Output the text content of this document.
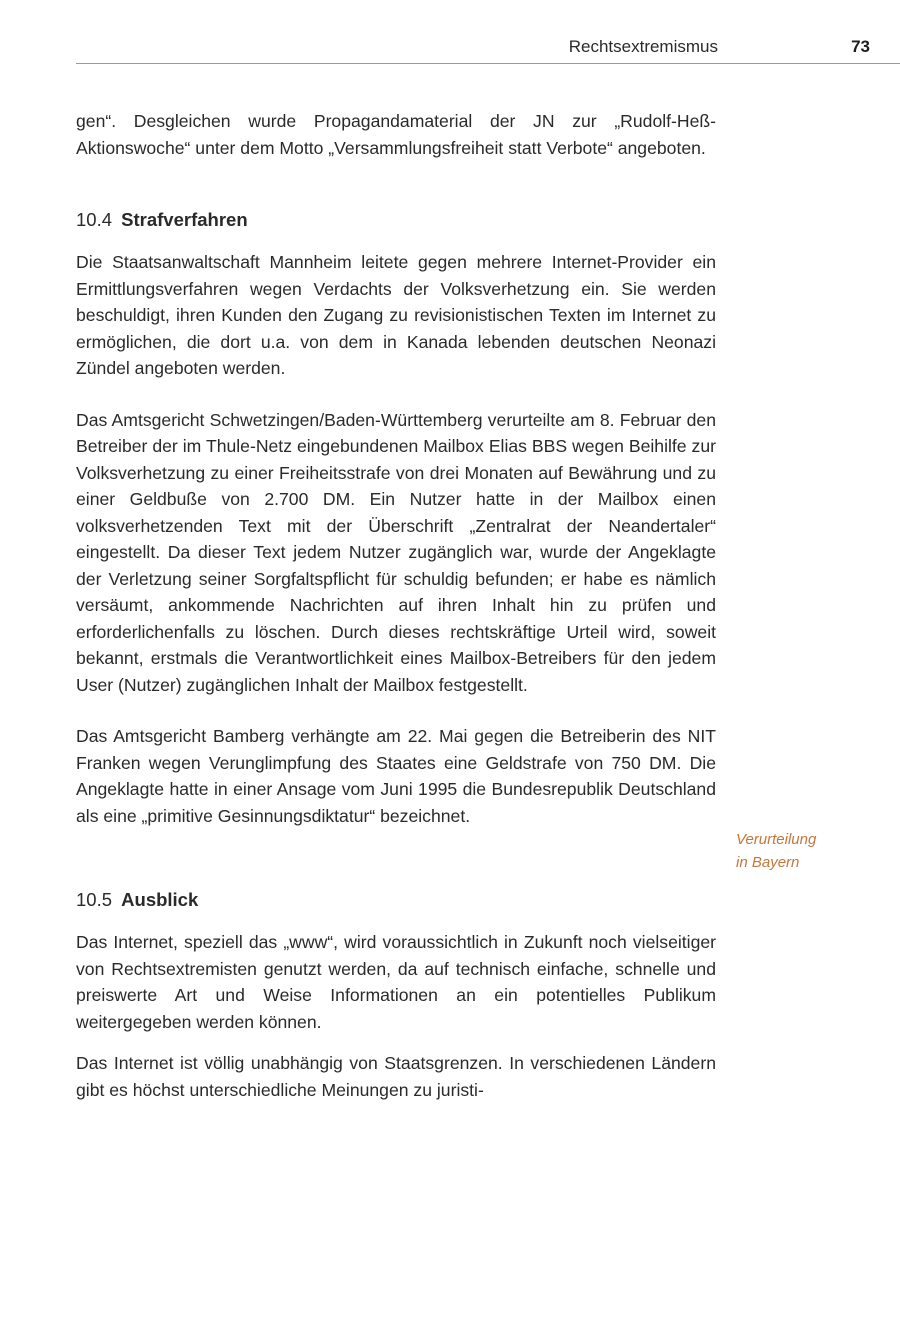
Rechtsextremismus	73

gen“. Desgleichen wurde Propagandamaterial der JN zur „Rudolf-Heß-Aktionswoche“ unter dem Motto „Versammlungsfreiheit statt Verbote“ angeboten.

10.4 Strafverfahren

Die Staatsanwaltschaft Mannheim leitete gegen mehrere Internet-Provider ein Ermittlungsverfahren wegen Verdachts der Volksverhetzung ein. Sie werden beschuldigt, ihren Kunden den Zugang zu revisionistischen Texten im Internet zu ermöglichen, die dort u.a. von dem in Kanada lebenden deutschen Neonazi Zündel angeboten werden.

Das Amtsgericht Schwetzingen/Baden-Württemberg verurteilte am 8. Februar den Betreiber der im Thule-Netz eingebundenen Mailbox Elias BBS wegen Beihilfe zur Volksverhetzung zu einer Freiheitsstrafe von drei Monaten auf Bewährung und zu einer Geldbuße von 2.700 DM. Ein Nutzer hatte in der Mailbox einen volksverhetzenden Text mit der Überschrift „Zentralrat der Neandertaler“ eingestellt. Da dieser Text jedem Nutzer zugänglich war, wurde der Angeklagte der Verletzung seiner Sorgfaltspflicht für schuldig befunden; er habe es nämlich versäumt, ankommende Nachrichten auf ihren Inhalt hin zu prüfen und erforderlichenfalls zu löschen. Durch dieses rechtskräftige Urteil wird, soweit bekannt, erstmals die Verantwortlichkeit eines Mailbox-Betreibers für den jedem User (Nutzer) zugänglichen Inhalt der Mailbox festgestellt.

Das Amtsgericht Bamberg verhängte am 22. Mai gegen die Betreiberin des NIT Franken wegen Verunglimpfung des Staates eine Geldstrafe von 750 DM. Die Angeklagte hatte in einer Ansage vom Juni 1995 die Bundesrepublik Deutschland als eine „primitive Gesinnungsdiktatur“ bezeichnet.

10.5 Ausblick

Das Internet, speziell das „www“, wird voraussichtlich in Zukunft noch vielseitiger von Rechtsextremisten genutzt werden, da auf technisch einfache, schnelle und preiswerte Art und Weise Informationen an ein potentielles Publikum weitergegeben werden können.

Das Internet ist völlig unabhängig von Staatsgrenzen. In verschiedenen Ländern gibt es höchst unterschiedliche Meinungen zu juristi-

Verurteilung
in Bayern
